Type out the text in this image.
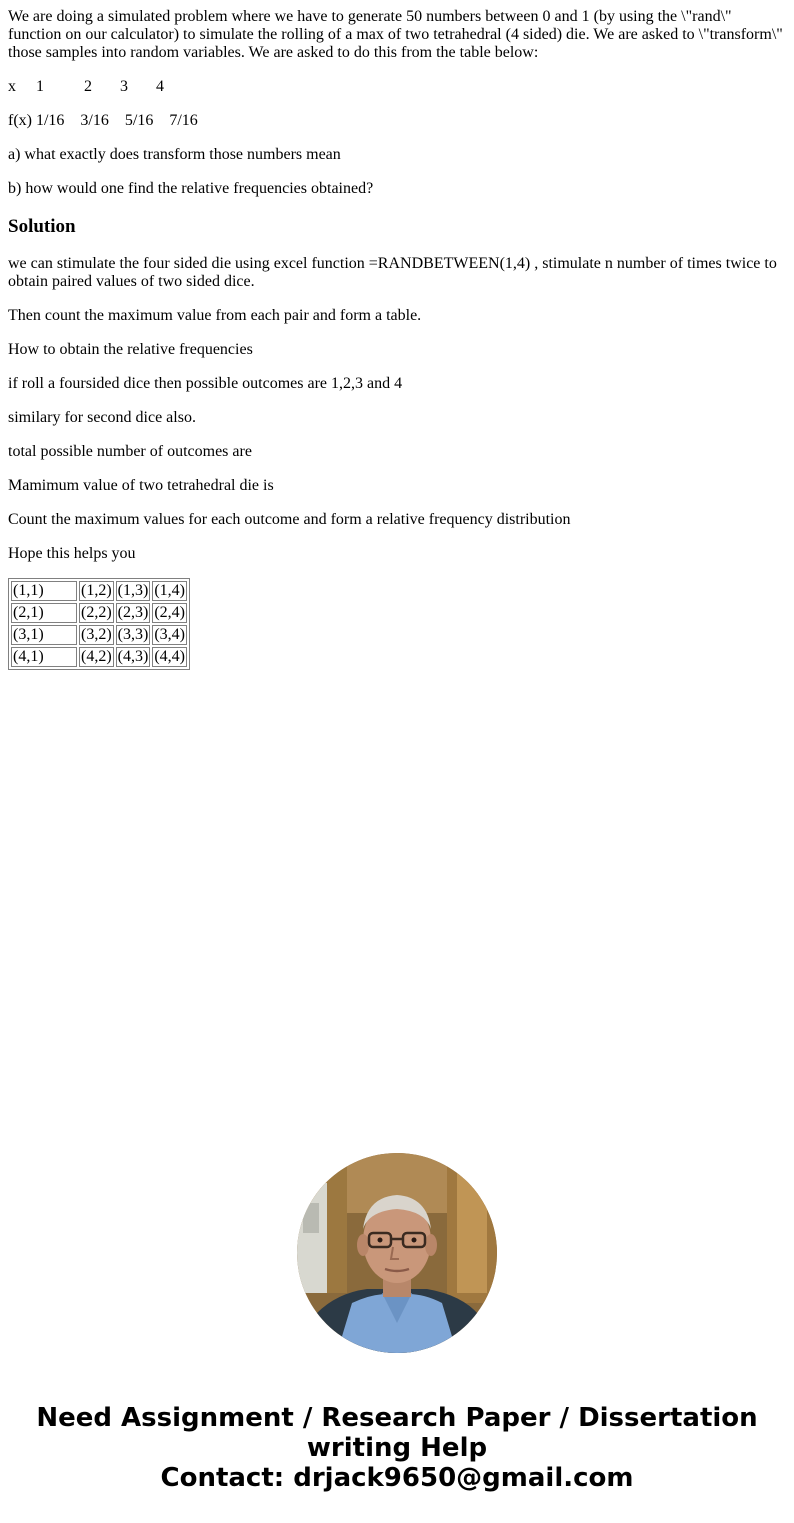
We are doing a simulated problem where we have to generate 50 numbers between 0 and 1 (by using the \"rand\" function on our calculator) to simulate the rolling of a max of two tetrahedral (4 sided) die. We are asked to \"transform\" those samples into random variables. We are asked to do this from the table below:

x     1          2       3       4

f(x) 1/16    3/16    5/16    7/16

a) what exactly does transform those numbers mean

b) how would one find the relative frequencies obtained?

Solution

we can stimulate the four sided die using excel function =RANDBETWEEN(1,4) , stimulate n number of times twice to obtain paired values of two sided dice.

Then count the maximum value from each pair and form a table.

How to obtain the relative frequencies

if roll a foursided dice then possible outcomes are 1,2,3 and 4

similary for second dice also.

total possible number of outcomes are

Mamimum value of two tetrahedral die is

Count the maximum values for each outcome and form a relative frequency distribution

Hope this helps you

(1,1)	(1,2)	(1,3)	(1,4)
(2,1)	(2,2)	(2,3)	(2,4)
(3,1)	(3,2)	(3,3)	(3,4)
(4,1)	(4,2)	(4,3)	(4,4)
Need Assignment / Research Paper / Dissertation
writing Help
Contact: drjack9650@gmail.com
